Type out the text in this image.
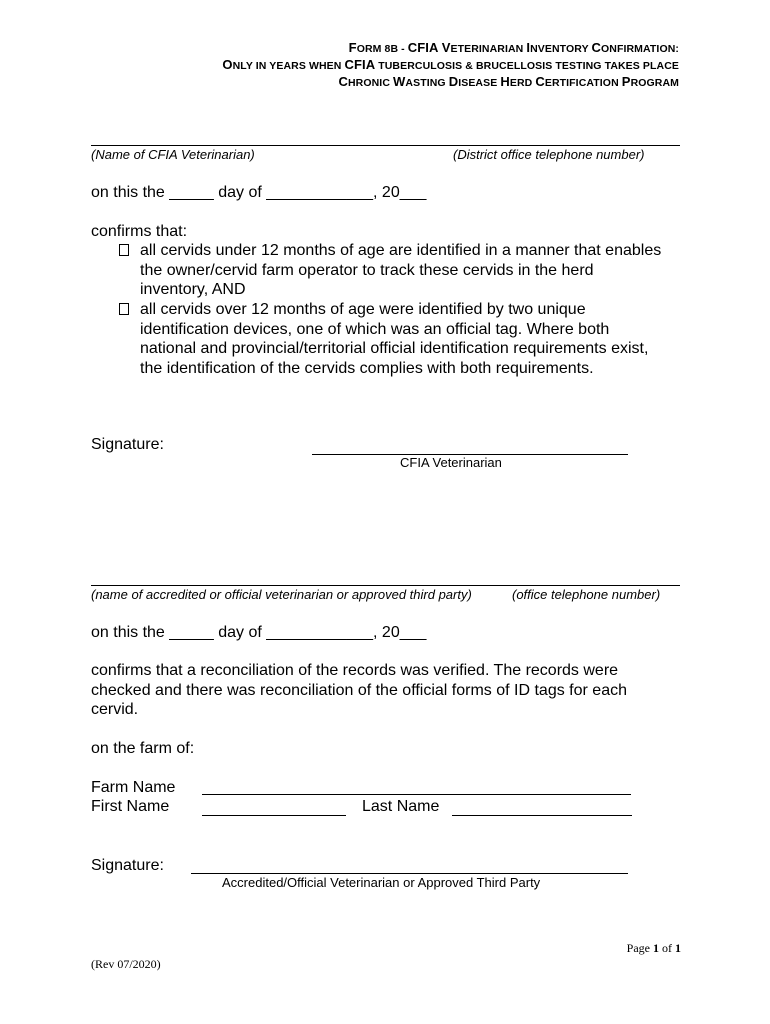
FORM 8B - CFIA VETERINARIAN INVENTORY CONFIRMATION:
ONLY IN YEARS WHEN CFIA TUBERCULOSIS & BRUCELLOSIS TESTING TAKES PLACE
CHRONIC WASTING DISEASE HERD CERTIFICATION PROGRAM
(Name of CFIA Veterinarian)	(District office telephone number)
on this the _____ day of ____________, 20___
confirms that:
all cervids under 12 months of age are identified in a manner that enables
the owner/cervid farm operator to track these cervids in the herd
inventory, AND
all cervids over 12 months of age were identified by two unique
identification devices, one of which was an official tag. Where both
national and provincial/territorial official identification requirements exist,
the identification of the cervids complies with both requirements.
Signature:
CFIA Veterinarian
(name of accredited or official veterinarian or approved third party)	(office telephone number)
on this the _____ day of ____________, 20___
confirms that a reconciliation of the records was verified. The records were
checked and there was reconciliation of the official forms of ID tags for each
cervid.
on the farm of:
Farm Name
First Name	Last Name
Signature:
Accredited/Official Veterinarian or Approved Third Party
Page 1 of 1
(Rev 07/2020)
